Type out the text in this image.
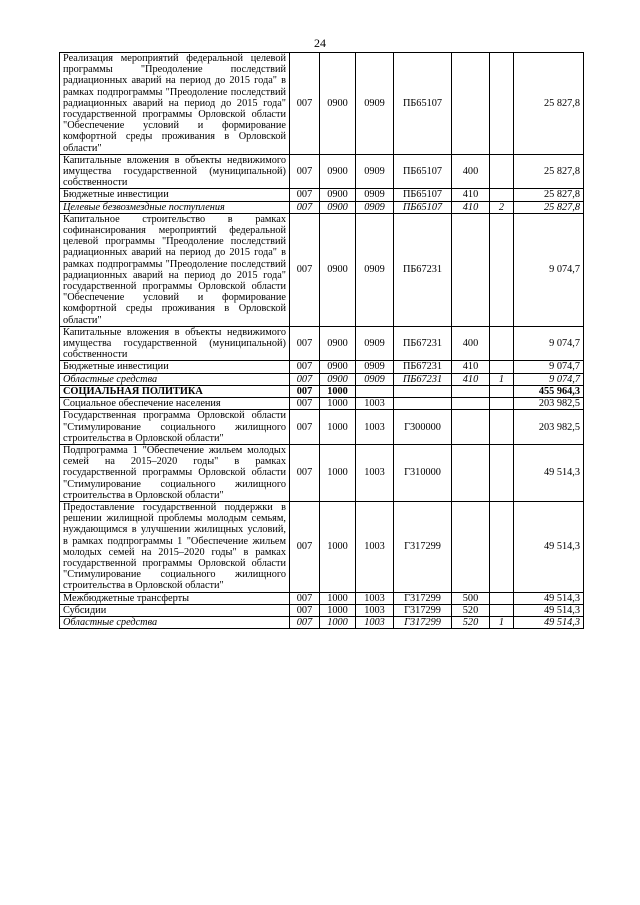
24
Реализация мероприятий федеральной целевой программы "Преодоление последствий радиационных аварий на период до 2015 года" в рамках подпрограммы "Преодоление последствий радиационных аварий на период до 2015 года" государственной программы Орловской области "Обеспечение условий и формирование комфортной среды проживания в Орловской области"	007	0900	0909	ПБ65107			25 827,8
Капитальные вложения в объекты недвижимого имущества государственной (муниципальной) собственности	007	0900	0909	ПБ65107	400		25 827,8
Бюджетные инвестиции	007	0900	0909	ПБ65107	410		25 827,8
Целевые безвозмездные поступления	007	0900	0909	ПБ65107	410	2	25 827,8
Капитальное строительство в рамках софинансирования мероприятий федеральной целевой программы "Преодоление последствий радиационных аварий на период до 2015 года" в рамках подпрограммы "Преодоление последствий радиационных аварий на период до 2015 года" государственной программы Орловской области "Обеспечение условий и формирование комфортной среды проживания в Орловской области"	007	0900	0909	ПБ67231			9 074,7
Капитальные вложения в объекты недвижимого имущества государственной (муниципальной) собственности	007	0900	0909	ПБ67231	400		9 074,7
Бюджетные инвестиции	007	0900	0909	ПБ67231	410		9 074,7
Областные средства	007	0900	0909	ПБ67231	410	1	9 074,7
СОЦИАЛЬНАЯ ПОЛИТИКА	007	1000					455 964,3
Социальное обеспечение населения	007	1000	1003				203 982,5
Государственная программа Орловской области "Стимулирование социального жилищного строительства в Орловской области"	007	1000	1003	Г300000			203 982,5
Подпрограмма 1 "Обеспечение жильем молодых семей на 2015–2020 годы" в рамках государственной программы Орловской области "Стимулирование социального жилищного строительства в Орловской области"	007	1000	1003	Г310000			49 514,3
Предоставление государственной поддержки в решении жилищной проблемы молодым семьям, нуждающимся в улучшении жилищных условий, в рамках подпрограммы 1 "Обеспечение жильем молодых семей на 2015–2020 годы" в рамках государственной программы Орловской области "Стимулирование социального жилищного строительства в Орловской области"	007	1000	1003	Г317299			49 514,3
Межбюджетные трансферты	007	1000	1003	Г317299	500		49 514,3
Субсидии	007	1000	1003	Г317299	520		49 514,3
Областные средства	007	1000	1003	Г317299	520	1	49 514,3
